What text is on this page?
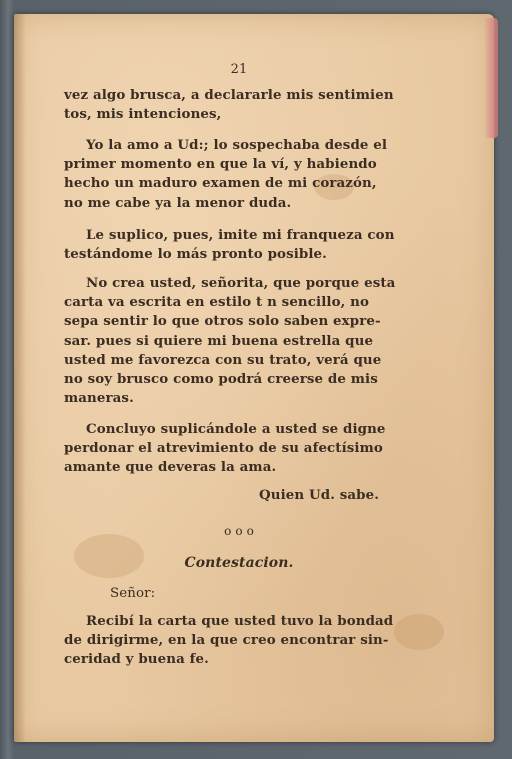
21
vez algo brusca, a declararle mis sentimien
tos, mis intenciones,
Yo la amo a Ud:; lo sospechaba desde el
primer momento en que la ví, y habiendo
hecho un maduro examen de mi corazón,
no me cabe ya la menor duda.
Le suplico, pues, imite mi franqueza con
testándome lo más pronto posible.
No crea usted, señorita, que porque esta
carta va escrita en estilo t n sencillo, no
sepa sentir lo que otros solo saben expre-
sar. pues si quiere mi buena estrella que
usted me favorezca con su trato, verá que
no soy brusco como podrá creerse de mis
maneras.
Concluyo suplicándole a usted se digne
perdonar el atrevimiento de su afectísimo
amante que deveras la ama.
Quien Ud. sabe.
o o o
Contestacion.
Señor:
Recibí la carta que usted tuvo la bondad
de dirigirme, en la que creo encontrar sin-
ceridad y buena fe.
